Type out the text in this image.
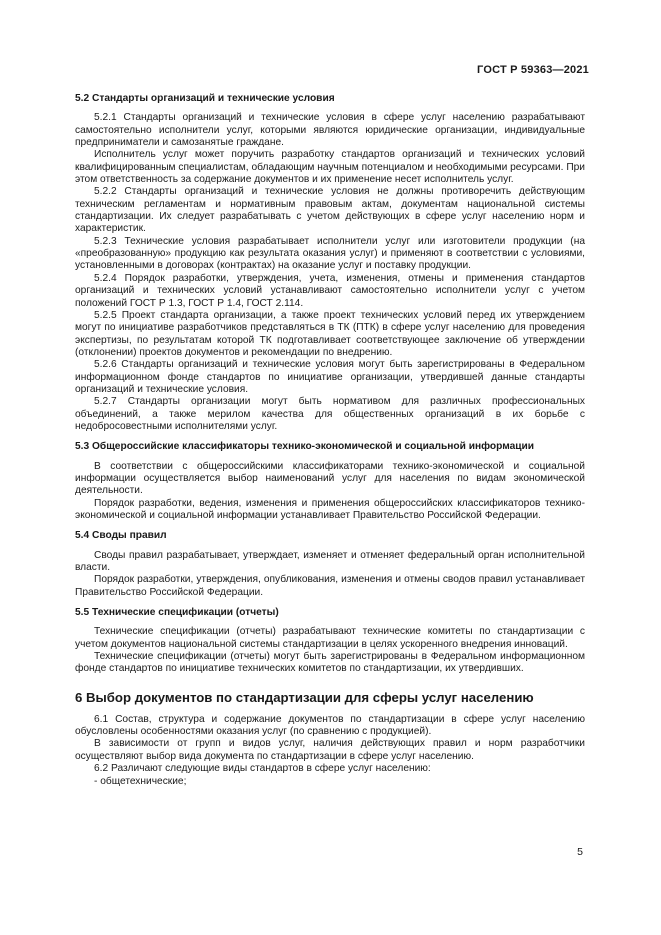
ГОСТ Р 59363—2021
5.2 Стандарты организаций и технические условия

5.2.1 Стандарты организаций и технические условия в сфере услуг населению разрабатывают самостоятельно исполнители услуг, которыми являются юридические организации, индивидуальные предприниматели и самозанятые граждане.

Исполнитель услуг может поручить разработку стандартов организаций и технических условий квалифицированным специалистам, обладающим научным потенциалом и необходимыми ресурсами. При этом ответственность за содержание документов и их применение несет исполнитель услуг.

5.2.2 Стандарты организаций и технические условия не должны противоречить действующим техническим регламентам и нормативным правовым актам, документам национальной системы стандартизации. Их следует разрабатывать с учетом действующих в сфере услуг населению норм и характеристик.

5.2.3 Технические условия разрабатывает исполнители услуг или изготовители продукции (на «преобразованную» продукцию как результата оказания услуг) и применяют в соответствии с условиями, установленными в договорах (контрактах) на оказание услуг и поставку продукции.

5.2.4 Порядок разработки, утверждения, учета, изменения, отмены и применения стандартов организаций и технических условий устанавливают самостоятельно исполнители услуг с учетом положений ГОСТ Р 1.3, ГОСТ Р 1.4, ГОСТ 2.114.

5.2.5 Проект стандарта организации, а также проект технических условий перед их утверждением могут по инициативе разработчиков представляться в ТК (ПТК) в сфере услуг населению для проведения экспертизы, по результатам которой ТК подготавливает соответствующее заключение об утверждении (отклонении) проектов документов и рекомендации по внедрению.

5.2.6 Стандарты организаций и технические условия могут быть зарегистрированы в Федеральном информационном фонде стандартов по инициативе организации, утвердившей данные стандарты организаций и технические условия.

5.2.7 Стандарты организации могут быть нормативом для различных профессиональных объединений, а также мерилом качества для общественных организаций в их борьбе с недобросовестными исполнителями услуг.

5.3 Общероссийские классификаторы технико-экономической и социальной информации

В соответствии с общероссийскими классификаторами технико-экономической и социальной информации осуществляется выбор наименований услуг для населения по видам экономической деятельности.

Порядок разработки, ведения, изменения и применения общероссийских классификаторов технико-экономической и социальной информации устанавливает Правительство Российской Федерации.

5.4 Своды правил

Своды правил разрабатывает, утверждает, изменяет и отменяет федеральный орган исполнительной власти.

Порядок разработки, утверждения, опубликования, изменения и отмены сводов правил устанавливает Правительство Российской Федерации.

5.5 Технические спецификации (отчеты)

Технические спецификации (отчеты) разрабатывают технические комитеты по стандартизации с учетом документов национальной системы стандартизации в целях ускоренного внедрения инноваций.

Технические спецификации (отчеты) могут быть зарегистрированы в Федеральном информационном фонде стандартов по инициативе технических комитетов по стандартизации, их утвердивших.

6 Выбор документов по стандартизации для сферы услуг населению

6.1 Состав, структура и содержание документов по стандартизации в сфере услуг населению обусловлены особенностями оказания услуг (по сравнению с продукцией).

В зависимости от групп и видов услуг, наличия действующих правил и норм разработчики осуществляют выбор вида документа по стандартизации в сфере услуг населению.

6.2 Различают следующие виды стандартов в сфере услуг населению:

- общетехнические;

5
